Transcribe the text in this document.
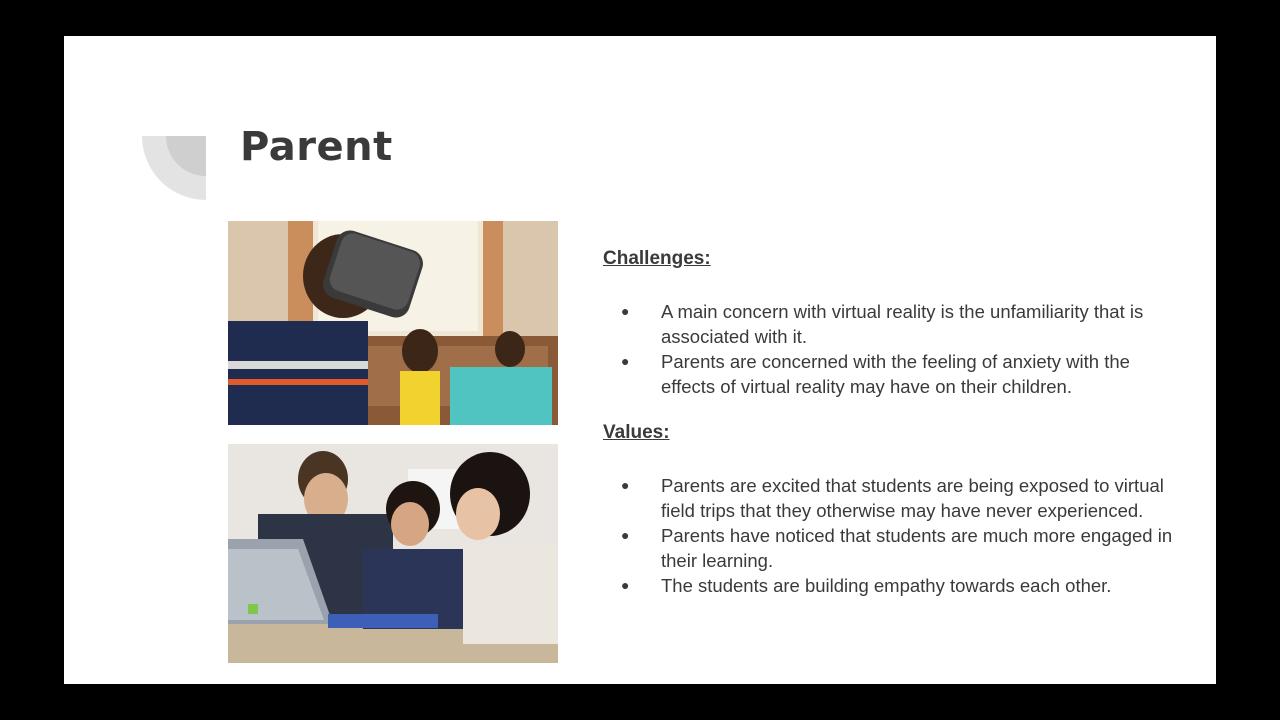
Parent

Challenges:

● A main concern with virtual reality is the unfamiliarity that is associated with it.
● Parents are concerned with the feeling of anxiety with the effects of virtual reality may have on their children.

Values:

● Parents are excited that students are being exposed to virtual field trips that they otherwise may have never experienced.
● Parents have noticed that students are much more engaged in their learning.
● The students are building empathy towards each other.
